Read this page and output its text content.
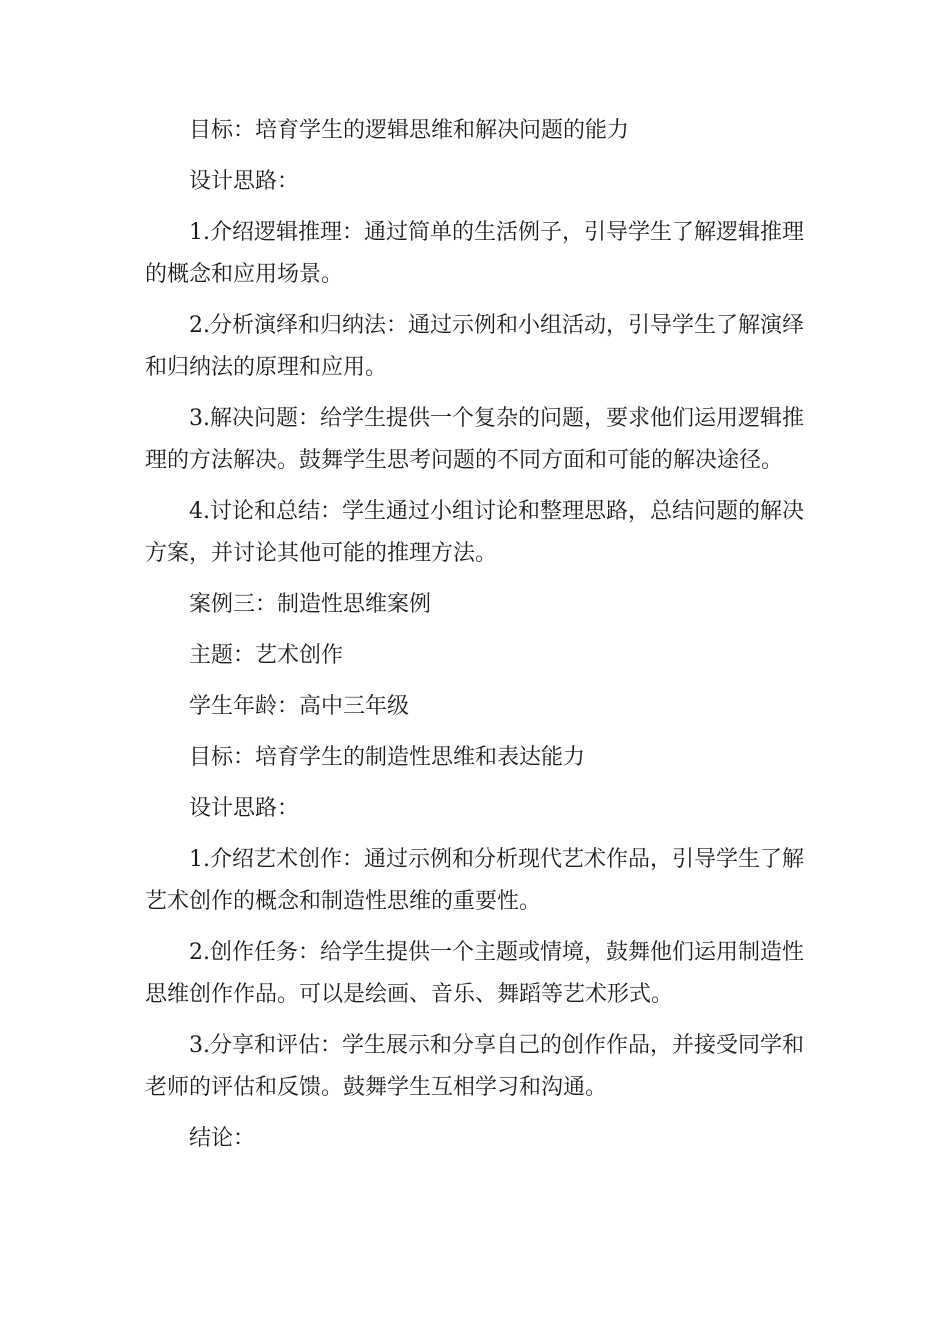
目标：培育学生的逻辑思维和解决问题的能力

设计思路：

1.介绍逻辑推理：通过简单的生活例子，引导学生了解逻辑推理的概念和应用场景。

2.分析演绎和归纳法：通过示例和小组活动，引导学生了解演绎和归纳法的原理和应用。

3.解决问题：给学生提供一个复杂的问题，要求他们运用逻辑推理的方法解决。鼓舞学生思考问题的不同方面和可能的解决途径。

4.讨论和总结：学生通过小组讨论和整理思路，总结问题的解决方案，并讨论其他可能的推理方法。

案例三：制造性思维案例

主题：艺术创作

学生年龄：高中三年级

目标：培育学生的制造性思维和表达能力

设计思路：

1.介绍艺术创作：通过示例和分析现代艺术作品，引导学生了解艺术创作的概念和制造性思维的重要性。

2.创作任务：给学生提供一个主题或情境，鼓舞他们运用制造性思维创作作品。可以是绘画、音乐、舞蹈等艺术形式。

3.分享和评估：学生展示和分享自己的创作作品，并接受同学和老师的评估和反馈。鼓舞学生互相学习和沟通。

结论：
